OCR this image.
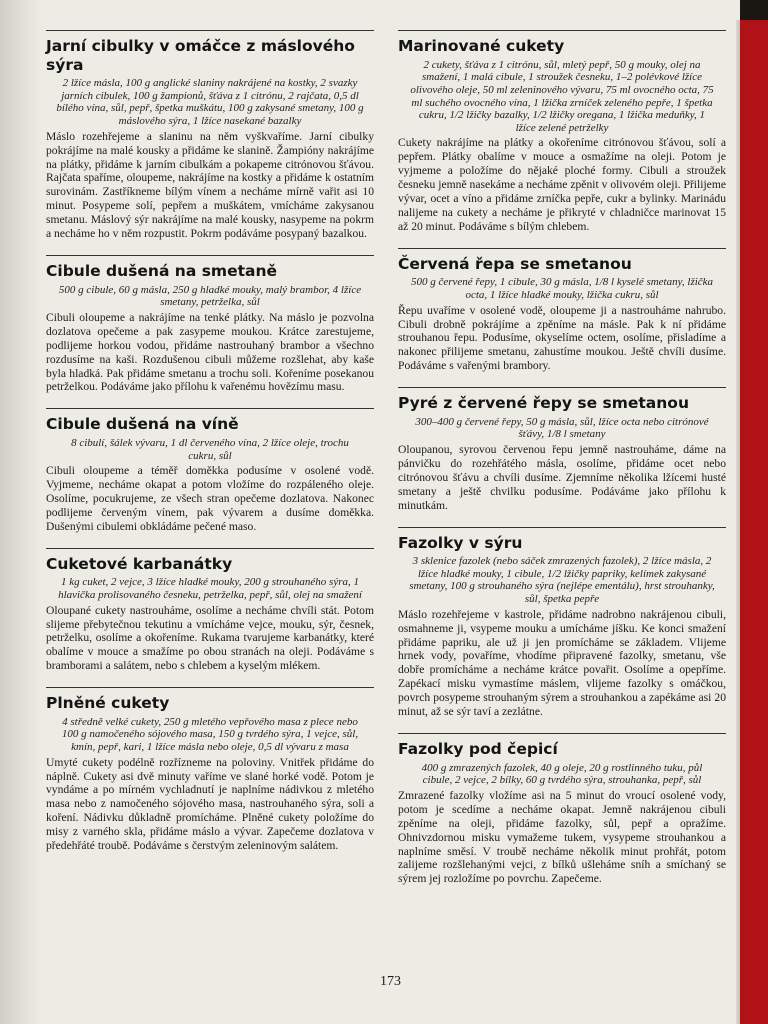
Jarní cibulky v omáčce z máslového sýra
2 lžíce másla, 100 g anglické slaniny nakrájené na kostky, 2 svazky jarních cibulek, 100 g žampionů, šťáva z 1 citrónu, 2 rajčata, 0,5 dl bílého vína, sůl, pepř, špetka muškátu, 100 g zakysané smetany, 100 g máslového sýra, 1 lžíce nasekané bazalky

Máslo rozehřejeme a slaninu na něm vyškvaříme. Jarní cibulky pokrájíme na malé kousky a přidáme ke slanině. Žampióny nakrájíme na plátky, přidáme k jarním cibulkám a pokapeme citrónovou šťávou. Rajčata spaříme, oloupeme, nakrájíme na kostky a přidáme k ostatním surovinám. Zastříkneme bílým vínem a necháme mírně vařit asi 10 minut. Posypeme solí, pepřem a muškátem, vmícháme zakysanou smetanu. Máslový sýr nakrájíme na malé kousky, nasypeme na pokrm a necháme ho v něm rozpustit. Pokrm podáváme posypaný bazalkou.

Cibule dušená na smetaně
500 g cibule, 60 g másla, 250 g hladké mouky, malý brambor, 4 lžíce smetany, petrželka, sůl

Cibuli oloupeme a nakrájíme na tenké plátky. Na máslo je pozvolna dozlatova opečeme a pak zasypeme moukou. Krátce zarestujeme, podlijeme horkou vodou, přidáme nastrouhaný brambor a všechno rozdusíme na kaši. Rozdušenou cibuli můžeme rozšlehat, aby kaše byla hladká. Pak přidáme smetanu a trochu soli. Kořeníme posekanou petrželkou. Podáváme jako přílohu k vařenému hovězímu masu.

Cibule dušená na víně
8 cibulí, šálek vývaru, 1 dl červeného vína, 2 lžíce oleje, trochu cukru, sůl

Cibuli oloupeme a téměř doměkka podusíme v osolené vodě. Vyjmeme, necháme okapat a potom vložíme do rozpáleného oleje. Osolíme, pocukrujeme, ze všech stran opečeme dozlatova. Nakonec podlijeme červeným vínem, pak vývarem a dusíme doměkka. Dušenými cibulemi obkládáme pečené maso.

Cuketové karbanátky
1 kg cuket, 2 vejce, 3 lžíce hladké mouky, 200 g strouhaného sýra, 1 hlavička prolisovaného česneku, petrželka, pepř, sůl, olej na smažení

Oloupané cukety nastrouháme, osolíme a necháme chvíli stát. Potom slijeme přebytečnou tekutinu a vmícháme vejce, mouku, sýr, česnek, petrželku, osolíme a okořeníme. Rukama tvarujeme karbanátky, které obalíme v mouce a smažíme po obou stranách na oleji. Podáváme s bramborami a salátem, nebo s chlebem a kyselým mlékem.

Plněné cukety
4 středně velké cukety, 250 g mletého vepřového masa z plece nebo 100 g namočeného sójového masa, 150 g tvrdého sýra, 1 vejce, sůl, kmín, pepř, kari, 1 lžíce másla nebo oleje, 0,5 dl vývaru z masa

Umyté cukety podélně rozřízneme na poloviny. Vnitřek přidáme do náplně. Cukety asi dvě minuty vaříme ve slané horké vodě. Potom je vyndáme a po mírném vychladnutí je naplníme nádivkou z mletého masa nebo z namočeného sójového masa, nastrouhaného sýra, soli a koření. Nádivku důkladně promícháme. Plněné cukety položíme do misy z varného skla, přidáme máslo a vývar. Zapečeme dozlatova v předehřáté troubě. Podáváme s čerstvým zeleninovým salátem.

Marinované cukety
2 cukety, šťáva z 1 citrónu, sůl, mletý pepř, 50 g mouky, olej na smažení, 1 malá cibule, 1 stroužek česneku, 1–2 polévkové lžíce olivového oleje, 50 ml zeleninového vývaru, 75 ml ovocného octa, 75 ml suchého ovocného vína, 1 lžička zrníček zeleného pepře, 1 špetka cukru, 1/2 lžičky bazalky, 1/2 lžičky oregana, 1 lžička meduňky, 1 lžíce zelené petrželky

Cukety nakrájíme na plátky a okořeníme citrónovou šťávou, solí a pepřem. Plátky obalíme v mouce a osmažíme na oleji. Potom je vyjmeme a položíme do nějaké ploché formy. Cibuli a stroužek česneku jemně nasekáme a necháme zpěnit v olivovém oleji. Přilijeme vývar, ocet a víno a přidáme zrníčka pepře, cukr a bylinky. Marinádu nalijeme na cukety a necháme je přikryté v chladničce marinovat 15 až 20 minut. Podáváme s bílým chlebem.

Červená řepa se smetanou
500 g červené řepy, 1 cibule, 30 g másla, 1/8 l kyselé smetany, lžička octa, 1 lžíce hladké mouky, lžička cukru, sůl

Řepu uvaříme v osolené vodě, oloupeme ji a nastrouháme nahrubo. Cibuli drobně pokrájíme a zpěníme na másle. Pak k ní přidáme strouhanou řepu. Podusíme, okyselíme octem, osolíme, přisladíme a nakonec přilijeme smetanu, zahustíme moukou. Ještě chvíli dusíme. Podáváme s vařenými brambory.

Pyré z červené řepy se smetanou
300–400 g červené řepy, 50 g másla, sůl, lžíce octa nebo citrónové šťávy, 1/8 l smetany

Oloupanou, syrovou červenou řepu jemně nastrouháme, dáme na pánvičku do rozehřátého másla, osolíme, přidáme ocet nebo citrónovou šťávu a chvíli dusíme. Zjemníme několika lžícemi husté smetany a ještě chvilku podusíme. Podáváme jako přílohu k minutkám.

Fazolky v sýru
3 sklenice fazolek (nebo sáček zmrazených fazolek), 2 lžíce másla, 2 lžíce hladké mouky, 1 cibule, 1/2 lžičky papriky, kelímek zakysané smetany, 100 g strouhaného sýra (nejlépe ementálu), hrst strouhanky, sůl, špetka pepře

Máslo rozehřejeme v kastrole, přidáme nadrobno nakrájenou cibuli, osmahneme ji, vsypeme mouku a umícháme jíšku. Ke konci smažení přidáme papriku, ale už ji jen promícháme se základem. Vlijeme hrnek vody, povaříme, vhodíme připravené fazolky, smetanu, vše dobře promícháme a necháme krátce povařit. Osolíme a opepříme. Zapékací misku vymastíme máslem, vlijeme fazolky s omáčkou, povrch posypeme strouhaným sýrem a strouhankou a zapékáme asi 20 minut, až se sýr taví a zezlátne.

Fazolky pod čepicí
400 g zmrazených fazolek, 40 g oleje, 20 g rostlinného tuku, půl cibule, 2 vejce, 2 bílky, 60 g tvrdého sýra, strouhanka, pepř, sůl

Zmrazené fazolky vložíme asi na 5 minut do vroucí osolené vody, potom je scedíme a necháme okapat. Jemně nakrájenou cibuli zpěníme na oleji, přidáme fazolky, sůl, pepř a opražíme. Ohnivzdornou misku vymažeme tukem, vysypeme strouhankou a naplníme směsí. V troubě necháme několik minut prohřát, potom zalijeme rozšlehanými vejci, z bílků ušleháme sníh a smíchaný se sýrem jej rozložíme po povrchu. Zapečeme.

173
